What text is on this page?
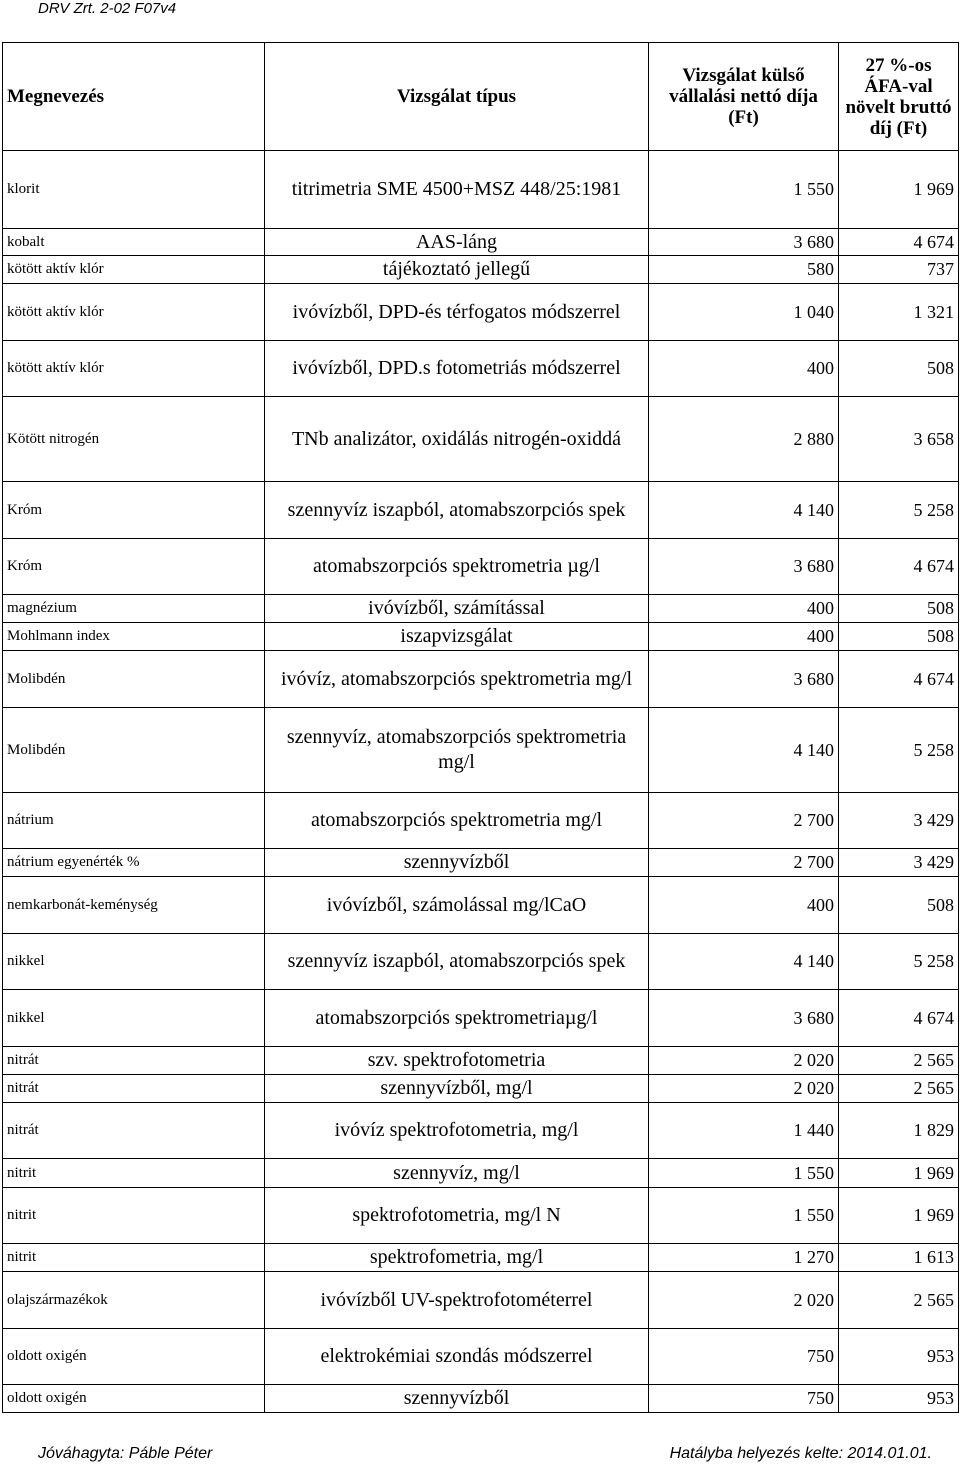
DRV Zrt. 2-02 F07v4
Megnevezés	Vizsgálat típus	Vizsgálat külső vállalási nettó díja (Ft)	27 %-os ÁFA-val növelt bruttó díj (Ft)
klorit	titrimetria SME 4500+MSZ 448/25:1981	1 550	1 969
kobalt	AAS-láng	3 680	4 674
kötött aktív klór	tájékoztató jellegű	580	737
kötött aktív klór	ivóvízből, DPD-és térfogatos módszerrel	1 040	1 321
kötött aktív klór	ivóvízből, DPD.s fotometriás módszerrel	400	508
Kötött nitrogén	TNb analizátor, oxidálás nitrogén-oxiddá	2 880	3 658
Króm	szennyvíz iszapból, atomabszorpciós spek	4 140	5 258
Króm	atomabszorpciós spektrometria µg/l	3 680	4 674
magnézium	ivóvízből, számítással	400	508
Mohlmann index	iszapvizsgálat	400	508
Molibdén	ivóvíz, atomabszorpciós spektrometria mg/l	3 680	4 674
Molibdén	szennyvíz, atomabszorpciós spektrometria mg/l	4 140	5 258
nátrium	atomabszorpciós spektrometria mg/l	2 700	3 429
nátrium egyenérték %	szennyvízből	2 700	3 429
nemkarbonát-keménység	ivóvízből, számolással mg/lCaO	400	508
nikkel	szennyvíz iszapból, atomabszorpciós spek	4 140	5 258
nikkel	atomabszorpciós spektrometriaµg/l	3 680	4 674
nitrát	szv. spektrofotometria	2 020	2 565
nitrát	szennyvízből, mg/l	2 020	2 565
nitrát	ivóvíz spektrofotometria, mg/l	1 440	1 829
nitrit	szennyvíz, mg/l	1 550	1 969
nitrit	spektrofotometria, mg/l N	1 550	1 969
nitrit	spektrofometria, mg/l	1 270	1 613
olajszármazékok	ivóvízből UV-spektrofotométerrel	2 020	2 565
oldott oxigén	elektrokémiai szondás módszerrel	750	953
oldott oxigén	szennyvízből	750	953
Jóváhagyta: Páble Péter	Hatályba helyezés kelte: 2014.01.01.
